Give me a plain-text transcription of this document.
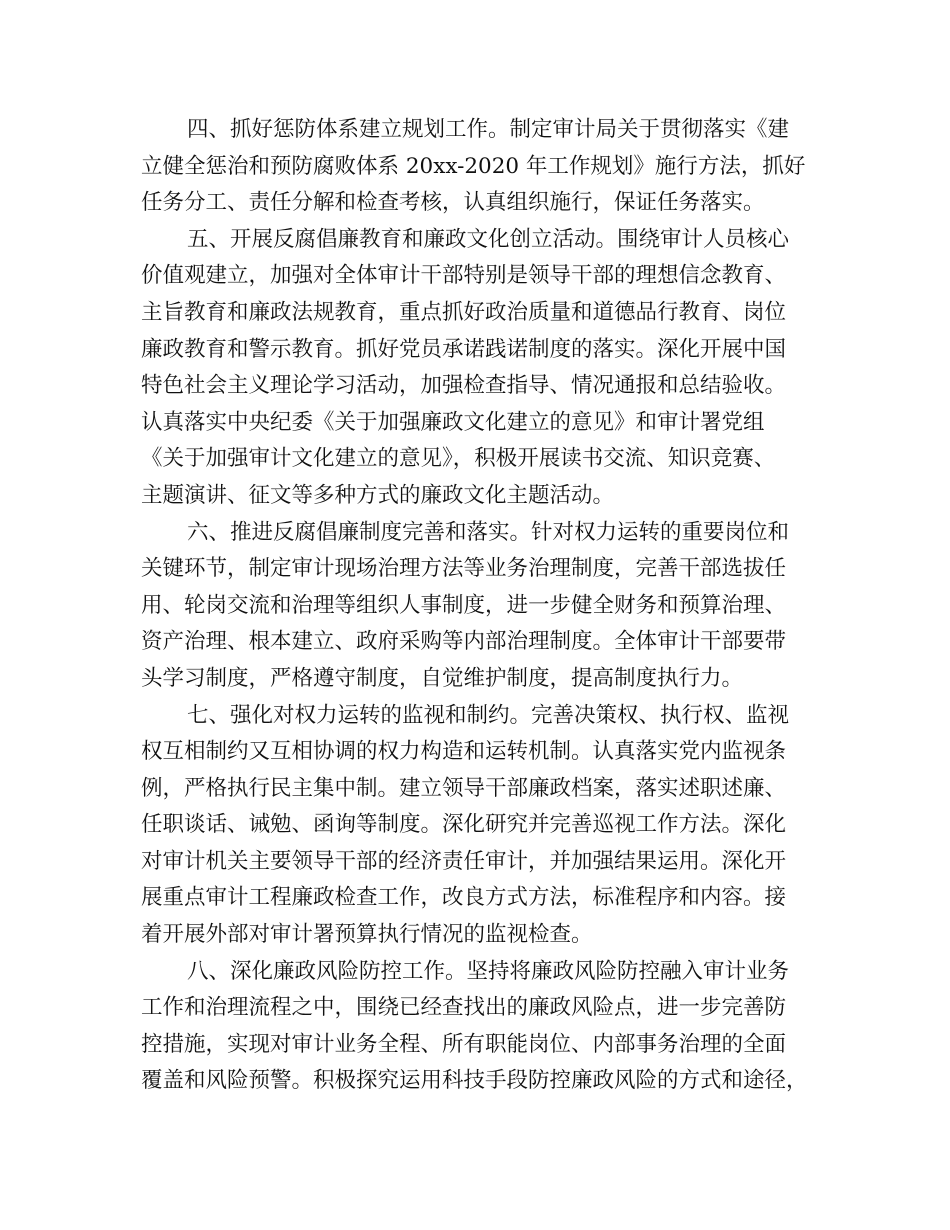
四、抓好惩防体系建立规划工作。制定审计局关于贯彻落实《建
立健全惩治和预防腐败体系 20xx-2020 年工作规划》施行方法，抓好
任务分工、责任分解和检查考核，认真组织施行，保证任务落实。
五、开展反腐倡廉教育和廉政文化创立活动。围绕审计人员核心
价值观建立，加强对全体审计干部特别是领导干部的理想信念教育、
主旨教育和廉政法规教育，重点抓好政治质量和道德品行教育、岗位
廉政教育和警示教育。抓好党员承诺践诺制度的落实。深化开展中国
特色社会主义理论学习活动，加强检查指导、情况通报和总结验收。
认真落实中央纪委《关于加强廉政文化建立的意见》和审计署党组
《关于加强审计文化建立的意见》，积极开展读书交流、知识竞赛、
主题演讲、征文等多种方式的廉政文化主题活动。
六、推进反腐倡廉制度完善和落实。针对权力运转的重要岗位和
关键环节，制定审计现场治理方法等业务治理制度，完善干部选拔任
用、轮岗交流和治理等组织人事制度，进一步健全财务和预算治理、
资产治理、根本建立、政府采购等内部治理制度。全体审计干部要带
头学习制度，严格遵守制度，自觉维护制度，提高制度执行力。
七、强化对权力运转的监视和制约。完善决策权、执行权、监视
权互相制约又互相协调的权力构造和运转机制。认真落实党内监视条
例，严格执行民主集中制。建立领导干部廉政档案，落实述职述廉、
任职谈话、诫勉、函询等制度。深化研究并完善巡视工作方法。深化
对审计机关主要领导干部的经济责任审计，并加强结果运用。深化开
展重点审计工程廉政检查工作，改良方式方法，标准程序和内容。接
着开展外部对审计署预算执行情况的监视检查。
八、深化廉政风险防控工作。坚持将廉政风险防控融入审计业务
工作和治理流程之中，围绕已经查找出的廉政风险点，进一步完善防
控措施，实现对审计业务全程、所有职能岗位、内部事务治理的全面
覆盖和风险预警。积极探究运用科技手段防控廉政风险的方式和途径，
